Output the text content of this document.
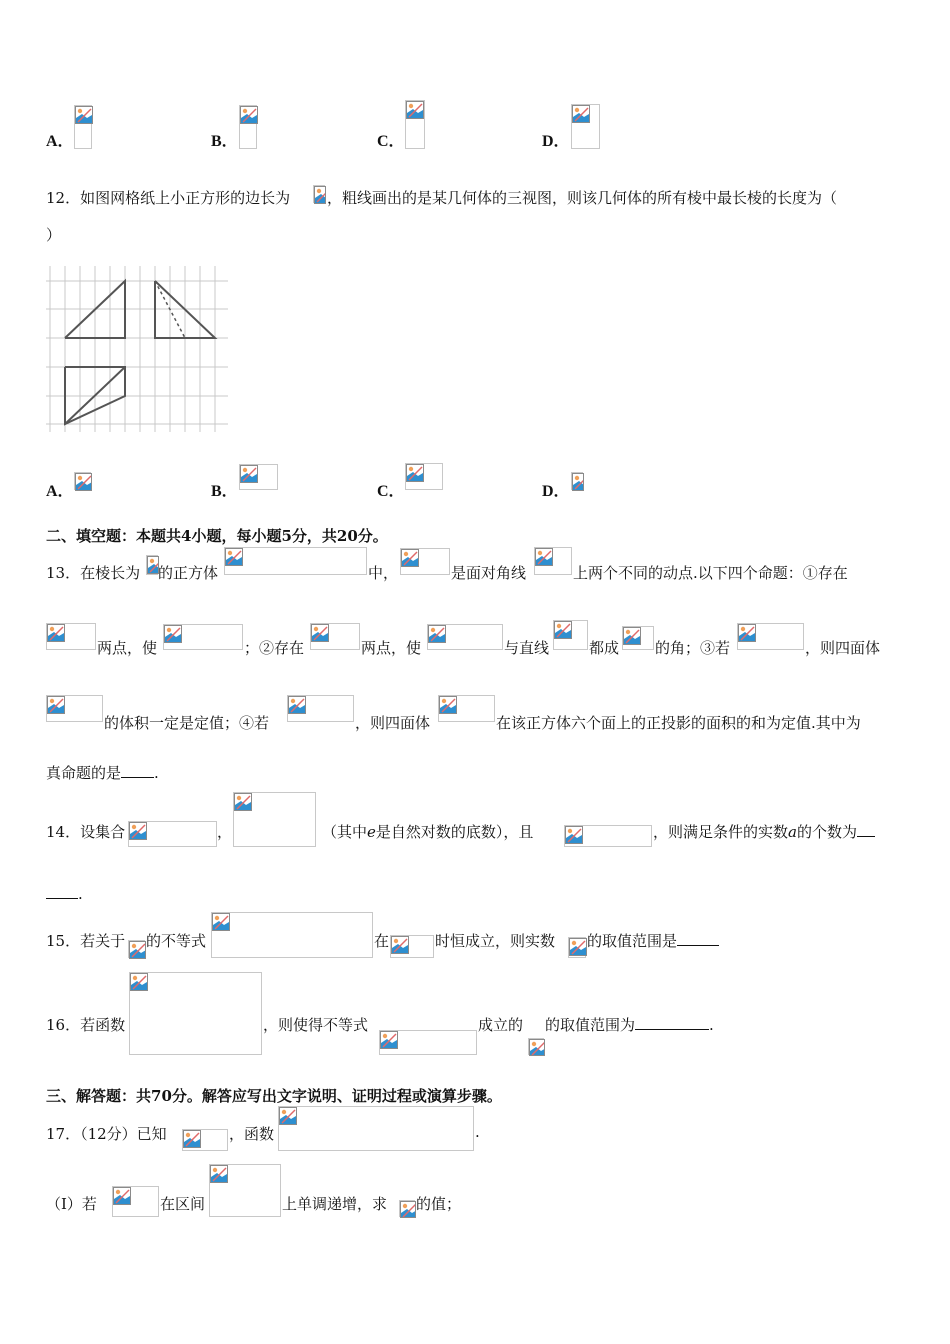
A．	B．	C．	D．
12．如图网格纸上小正方形的边长为 ，粗线画出的是某几何体的三视图，则该几何体的所有棱中最长棱的长度为（
）
A．	B．	C．	D．
二、填空题：本题共4小题，每小题5分，共20分。
13．在棱长为 的正方体	中，	是面对角线	上两个不同的动点.以下四个命题：①存在
两点，使	；②存在	两点，使	与直线	都成 的角；③若	，则四面体
的体积一定是定值；④若	，则四面体	在该正方体六个面上的正投影的面积的和为定值.其中为
真命题的是 .
14．设集合	，	（其中e是自然对数的底数），且	，则满足条件的实数a的个数为
.
15．若关于 的不等式	在	时恒成立，则实数 的取值范围是
16．若函数	，则使得不等式	成立的 的取值范围为	.
三、解答题：共70分。解答应写出文字说明、证明过程或演算步骤。
17．（12分）已知	，函数	.
（Ⅰ）若	在区间	上单调递增，求 的值；
